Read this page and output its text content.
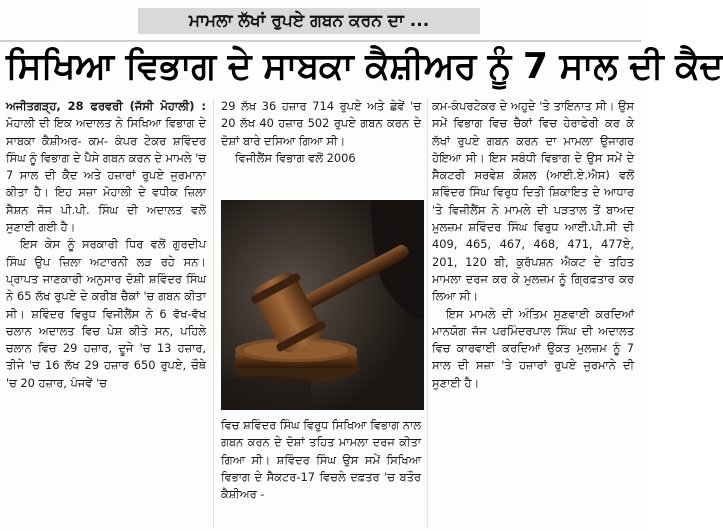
ਮਾਮਲਾ ਲੱਖਾਂ ਰੁਪਏ ਗਬਨ ਕਰਨ ਦਾ ...
ਸਿਖਿਆ ਵਿਭਾਗ ਦੇ ਸਾਬਕਾ ਕੈਸ਼ੀਅਰ ਨੂੰ 7 ਸਾਲ ਦੀ ਕੈਦ

ਅਜੀਤਗੜ੍ਹ, 28 ਫਰਵਰੀ (ਜੱਸੀ ਮੋਹਾਲੀ) : ਮੋਹਾਲੀ ਦੀ ਇਕ ਅਦਾਲਤ ਨੇ ਸਿਖਿਆ ਵਿਭਾਗ ਦੇ ਸਾਬਕਾ ਕੈਸ਼ੀਅਰ- ਕਮ- ਕੰਪਰ ਟੇਕਰ ਸ਼ਵਿੰਦਰ ਸਿੰਘ ਨੂੰ ਵਿਭਾਗ ਦੇ ਪੈਸੇ ਗਬਨ ਕਰਨ ਦੇ ਮਾਮਲੇ 'ਚ 7 ਸਾਲ ਦੀ ਕੈਦ ਅਤੇ ਹਜ਼ਾਰਾਂ ਰੁਪਏ ਜੁਰਮਾਨਾ ਕੀਤਾ ਹੈ। ਇਹ ਸਜ਼ਾ ਮੋਹਾਲੀ ਦੇ ਵਧੀਕ ਜ਼ਿਲਾ ਸੈਸ਼ਨ ਜੱਜ ਪੀ.ਪੀ. ਸਿੰਘ ਦੀ ਅਦਾਲਤ ਵਲੋਂ ਸੁਣਾਈ ਗਈ ਹੈ।

ਇਸ ਕੇਸ ਨੂੰ ਸਰਕਾਰੀ ਧਿਰ ਵਲੋਂ ਗੁਰਦੀਪ ਸਿੰਘ ਉਪ ਜ਼ਿਲਾ ਅਟਾਰਨੀ ਲੜ ਰਹੇ ਸਨ। ਪ੍ਰਾਪਤ ਜਾਣਕਾਰੀ ਅਨੁਸਾਰ ਦੋਸ਼ੀ ਸ਼ਵਿੰਦਰ ਸਿੰਘ ਨੇ 65 ਲੱਖ ਰੁਪਏ ਦੇ ਕਰੀਬ ਚੈਕਾਂ 'ਚ ਗਬਨ ਕੀਤਾ ਸੀ। ਸ਼ਵਿੰਦਰ ਵਿਰੁਧ ਵਿਜੀਲੈਂਸ ਨੇ 6 ਵੱਖ-ਵੱਖ ਚਲਾਨ ਅਦਾਲਤ ਵਿਚ ਪੇਸ਼ ਕੀਤੇ ਸਨ, ਪਹਿਲੇ ਚਲਾਨ ਵਿਚ 29 ਹਜ਼ਾਰ, ਦੂਜੇ 'ਚ 13 ਹਜ਼ਾਰ, ਤੀਜੇ 'ਚ 16 ਲੱਖ 29 ਹਜ਼ਾਰ 650 ਰੁਪਏ, ਚੌਥੇ 'ਚ 20 ਹਜ਼ਾਰ, ਪੰਜਵੇਂ 'ਚ

29 ਲੱਖ 36 ਹਜ਼ਾਰ 714 ਰੁਪਏ ਅਤੇ ਛੇਵੇਂ 'ਚ 20 ਲੱਖ 40 ਹਜ਼ਾਰ 502 ਰੁਪਏ ਗਬਨ ਕਰਨ ਦੇ ਦੋਸ਼ਾਂ ਬਾਰੇ ਦਸਿਆ ਗਿਆ ਸੀ।

ਵਿਜੀਲੈਂਸ ਵਿਭਾਗ ਵਲੋਂ 2006

ਵਿਚ ਸ਼ਵਿੰਦਰ ਸਿੰਘ ਵਿਰੁਧ ਸਿਖਿਆ ਵਿਭਾਗ ਨਾਲ ਗਬਨ ਕਰਨ ਦੇ ਦੋਸ਼ਾਂ ਤਹਿਤ ਮਾਮਲਾ ਦਰਜ ਕੀਤਾ ਗਿਆ ਸੀ। ਸ਼ਵਿੰਦਰ ਸਿੰਘ ਉਸ ਸਮੇਂ ਸਿਖਿਆ ਵਿਭਾਗ ਦੇ ਸੈਕਟਰ-17 ਵਿਚਲੇ ਦਫ਼ਤਰ 'ਚ ਬਤੌਰ ਕੈਸ਼ੀਅਰ -

ਕਮ-ਕੰਪਰਟੇਕਰ ਦੇ ਅਹੁਦੇ 'ਤੇ ਤਾਇਨਾਤ ਸੀ। ਉਸ ਸਮੇਂ ਵਿਭਾਗ ਵਿਚ ਚੈਕਾਂ ਵਿਚ ਹੇਰਾਫੇਰੀ ਕਰ ਕੇ ਲੱਖਾਂ ਰੁਪਏ ਗਬਨ ਕਰਨ ਦਾ ਮਾਮਲਾ ਉਜਾਗਰ ਹੋਇਆ ਸੀ। ਇਸ ਸਬੰਧੀ ਵਿਭਾਗ ਦੇ ਉਸ ਸਮੇਂ ਦੇ ਸੈਕਟਰੀ ਸਰਵੇਸ਼ ਕੌਸ਼ਲ (ਆਈ.ਏ.ਐਸ) ਵਲੋਂ ਸ਼ਵਿੰਦਰ ਸਿੰਘ ਵਿਰੁਧ ਦਿਤੀ ਸ਼ਿਕਾਇਤ ਦੇ ਆਧਾਰ 'ਤੇ ਵਿਜੀਲੈਂਸ ਨੇ ਮਾਮਲੇ ਦੀ ਪੜਤਾਲ ਤੋਂ ਬਾਅਦ ਮੁਲਜ਼ਮ ਸ਼ਵਿੰਦਰ ਸਿੰਘ ਵਿਰੁਧ ਆਈ.ਪੀ.ਸੀ ਦੀ 409, 465, 467, 468, 471, 477ਏ, 201, 120 ਬੀ, ਕੁਰੱਪਸ਼ਨ ਐਕਟ ਦੇ ਤਹਿਤ ਮਾਮਲਾ ਦਰਜ ਕਰ ਕੇ ਮੁਲਜ਼ਮ ਨੂੰ ਗ੍ਰਿਫ਼ਤਾਰ ਕਰ ਲਿਆ ਸੀ।

ਇਸ ਮਾਮਲੇ ਦੀ ਅੰਤਿਮ ਸੁਣਵਾਈ ਕਰਦਿਆਂ ਮਾਨਯੋਗ ਜੱਜ ਪਰਮਿੰਦਰਪਾਲ ਸਿੰਘ ਦੀ ਅਦਾਲਤ ਵਿਚ ਕਾਰਵਾਈ ਕਰਦਿਆਂ ਉਕਤ ਮੁਲਜ਼ਮ ਨੂੰ 7 ਸਾਲ ਦੀ ਸਜ਼ਾ 'ਤੇ ਹਜ਼ਾਰਾਂ ਰੁਪਏ ਜੁਰਮਾਨੇ ਦੀ ਸੁਣਾਈ ਹੈ।
